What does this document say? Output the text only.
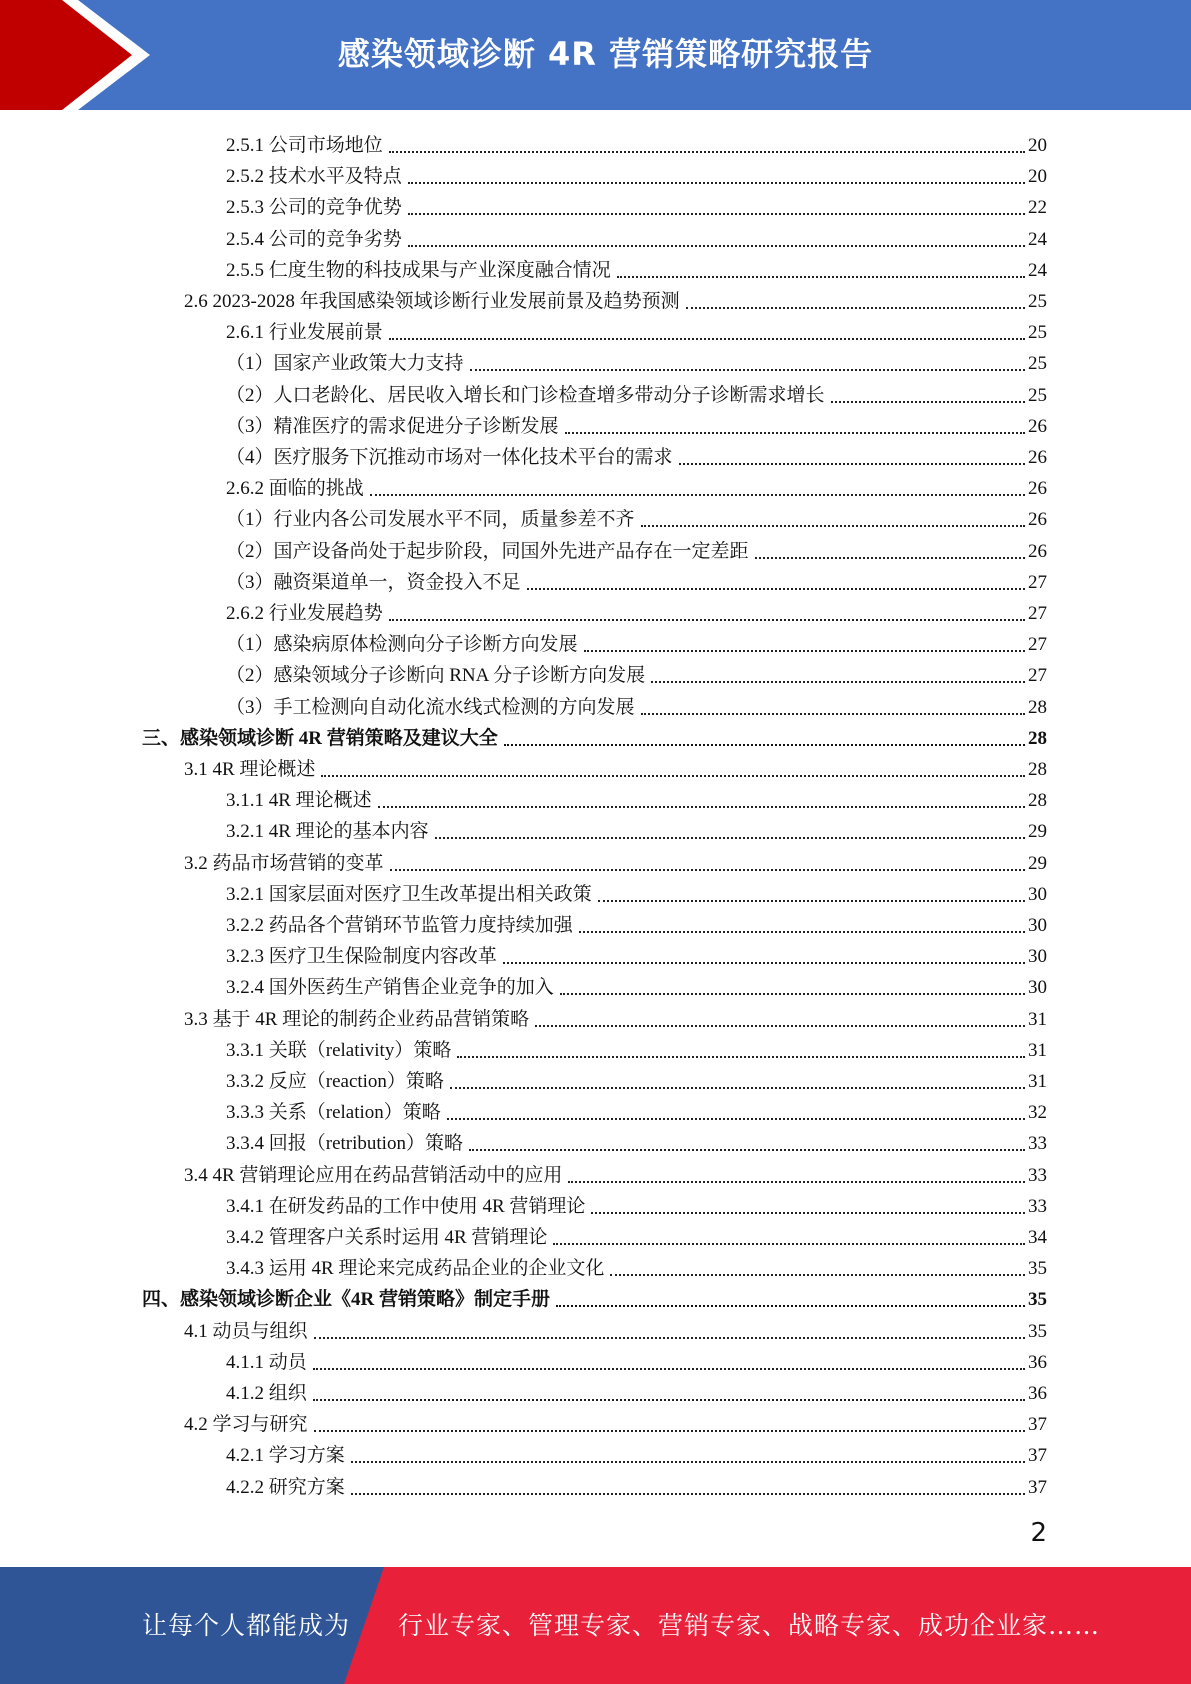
感染领域诊断 4R 营销策略研究报告
2.5.1 公司市场地位	20
2.5.2 技术水平及特点	20
2.5.3 公司的竞争优势	22
2.5.4 公司的竞争劣势	24
2.5.5 仁度生物的科技成果与产业深度融合情况	24
2.6 2023-2028 年我国感染领域诊断行业发展前景及趋势预测	25
2.6.1 行业发展前景	25
（1）国家产业政策大力支持	25
（2）人口老龄化、居民收入增长和门诊检查增多带动分子诊断需求增长	25
（3）精准医疗的需求促进分子诊断发展	26
（4）医疗服务下沉推动市场对一体化技术平台的需求	26
2.6.2 面临的挑战	26
（1）行业内各公司发展水平不同，质量参差不齐	26
（2）国产设备尚处于起步阶段，同国外先进产品存在一定差距	26
（3）融资渠道单一，资金投入不足	27
2.6.2 行业发展趋势	27
（1）感染病原体检测向分子诊断方向发展	27
（2）感染领域分子诊断向 RNA 分子诊断方向发展	27
（3）手工检测向自动化流水线式检测的方向发展	28
三、感染领域诊断 4R 营销策略及建议大全	28
3.1 4R 理论概述	28
3.1.1 4R 理论概述	28
3.2.1 4R 理论的基本内容	29
3.2 药品市场营销的变革	29
3.2.1 国家层面对医疗卫生改革提出相关政策	30
3.2.2 药品各个营销环节监管力度持续加强	30
3.2.3 医疗卫生保险制度内容改革	30
3.2.4 国外医药生产销售企业竞争的加入	30
3.3 基于 4R 理论的制药企业药品营销策略	31
3.3.1 关联（relativity）策略	31
3.3.2 反应（reaction）策略	31
3.3.3 关系（relation）策略	32
3.3.4 回报（retribution）策略	33
3.4 4R 营销理论应用在药品营销活动中的应用	33
3.4.1 在研发药品的工作中使用 4R 营销理论	33
3.4.2 管理客户关系时运用 4R 营销理论	34
3.4.3 运用 4R 理论来完成药品企业的企业文化	35
四、感染领域诊断企业《4R 营销策略》制定手册	35
4.1 动员与组织	35
4.1.1 动员	36
4.1.2 组织	36
4.2 学习与研究	37
4.2.1 学习方案	37
4.2.2 研究方案	37
2
让每个人都能成为 行业专家、管理专家、营销专家、战略专家、成功企业家……
